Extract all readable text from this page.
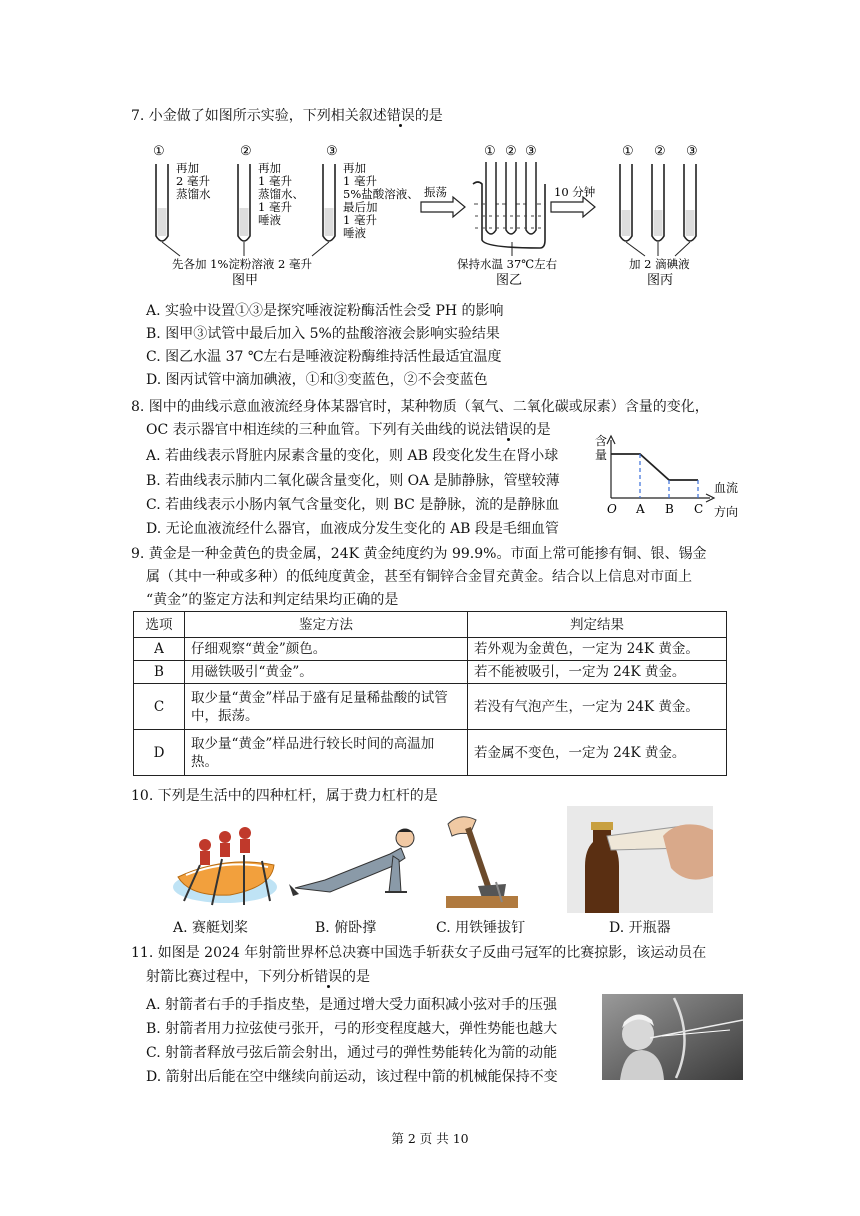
7. 小金做了如图所示实验，下列相关叙述错误的是
①
再加
2 毫升
蒸馏水
②
再加
1 毫升
蒸馏水、
1 毫升
唾液
③
再加
1 毫升
5%盐酸溶液、
最后加
1 毫升
唾液
先各加 1%淀粉溶液 2 毫升
图甲
振荡
① ② ③
保持水温 37℃左右
图乙
10 分钟
① ② ③
加 2 滴碘液
图丙
A. 实验中设置①③是探究唾液淀粉酶活性会受 PH 的影响
B. 图甲③试管中最后加入 5%的盐酸溶液会影响实验结果
C. 图乙水温 37 ℃左右是唾液淀粉酶维持活性最适宜温度
D. 图丙试管中滴加碘液，①和③变蓝色，②不会变蓝色
8. 图中的曲线示意血液流经身体某器官时，某种物质（氧气、二氧化碳或尿素）含量的变化，
OC 表示器官中相连续的三种血管。下列有关曲线的说法错误的是
A. 若曲线表示肾脏内尿素含量的变化，则 AB 段变化发生在肾小球
B. 若曲线表示肺内二氧化碳含量变化，则 OA 是肺静脉，管壁较薄
C. 若曲线表示小肠内氧气含量变化，则 BC 是静脉，流的是静脉血
D. 无论血液流经什么器官，血液成分发生变化的 AB 段是毛细血管
含
量
O A B C
血流
方向
9. 黄金是一种金黄色的贵金属，24K 黄金纯度约为 99.9%。市面上常可能掺有铜、银、锡金
属（其中一种或多种）的低纯度黄金，甚至有铜锌合金冒充黄金。结合以上信息对市面上
“黄金”的鉴定方法和判定结果均正确的是
选项	鉴定方法	判定结果
A	仔细观察“黄金”颜色。	若外观为金黄色，一定为 24K 黄金。
B	用磁铁吸引“黄金”。	若不能被吸引，一定为 24K 黄金。
C	取少量“黄金”样品于盛有足量稀盐酸的试管中，振荡。	若没有气泡产生，一定为 24K 黄金。
D	取少量“黄金”样品进行较长时间的高温加热。	若金属不变色，一定为 24K 黄金。
10. 下列是生活中的四种杠杆，属于费力杠杆的是
A. 赛艇划桨	B. 俯卧撑	C. 用铁锤拔钉	D. 开瓶器
11. 如图是 2024 年射箭世界杯总决赛中国选手斩获女子反曲弓冠军的比赛掠影，该运动员在
射箭比赛过程中，下列分析错误的是
A. 射箭者右手的手指皮垫，是通过增大受力面积减小弦对手的压强
B. 射箭者用力拉弦使弓张开，弓的形变程度越大，弹性势能也越大
C. 射箭者释放弓弦后箭会射出，通过弓的弹性势能转化为箭的动能
D. 箭射出后能在空中继续向前运动，该过程中箭的机械能保持不变
第 2 页 共 10
